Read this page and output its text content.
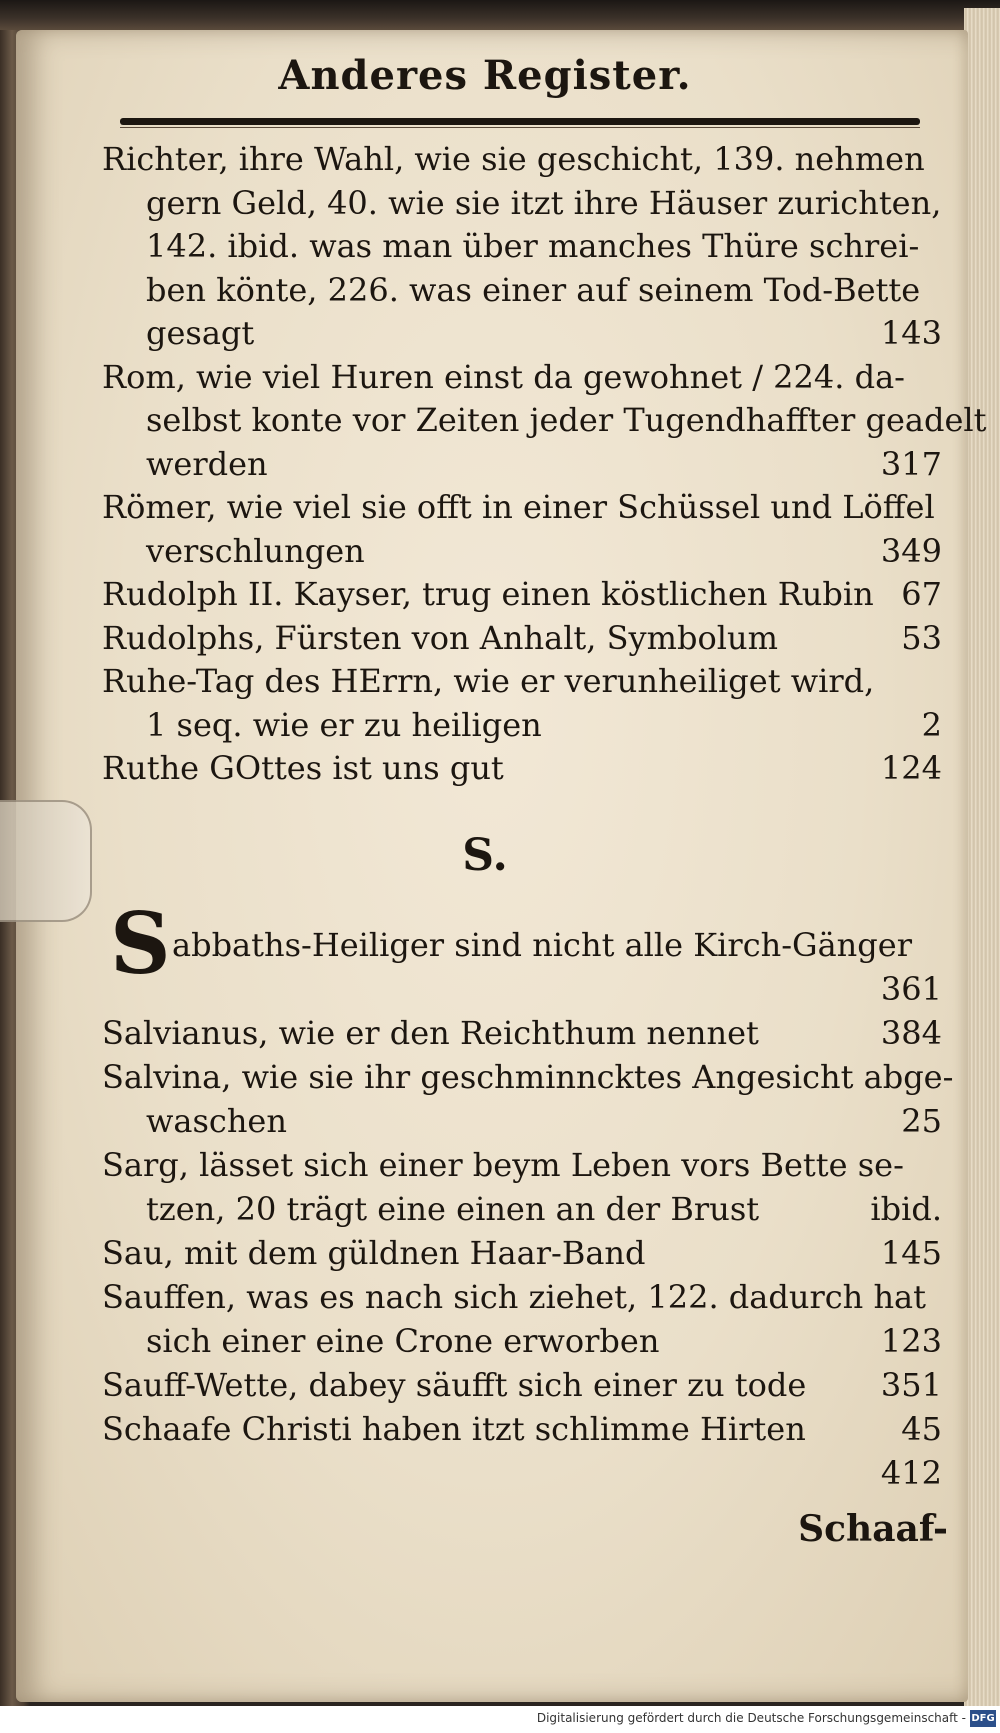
Anderes Register.
Richter, ihre Wahl, wie sie geschicht, 139. nehmen
gern Geld, 40. wie sie itzt ihre Häuser zurichten,
142. ibid. was man über manches Thüre schrei-
ben könte, 226. was einer auf seinem Tod-Bette
gesagt	143
Rom, wie viel Huren einst da gewohnet / 224. da-
selbst konte vor Zeiten jeder Tugendhaffter geadelt
werden	317
Römer, wie viel sie offt in einer Schüssel und Löffel
verschlungen	349
Rudolph II. Kayser, trug einen köstlichen Rubin 67
Rudolphs, Fürsten von Anhalt, Symbolum	53
Ruhe-Tag des HErrn, wie er verunheiliget wird,
1 seq. wie er zu heiligen	2
Ruthe GOttes ist uns gut	124
S.
S abbaths-Heiliger sind nicht alle Kirch-Gänger
361
Salvianus, wie er den Reichthum nennet	384
Salvina, wie sie ihr geschminncktes Angesicht abge-
waschen	25
Sarg, lässet sich einer beym Leben vors Bette se-
tzen, 20 trägt eine einen an der Brust	ibid.
Sau, mit dem güldnen Haar-Band	145
Sauffen, was es nach sich ziehet, 122. dadurch hat
sich einer eine Crone erworben	123
Sauff-Wette, dabey säufft sich einer zu tode 351
Schaafe Christi haben itzt schlimme Hirten	45
412
Schaaf-
Digitalisierung gefördert durch die Deutsche Forschungsgemeinschaft - DFG
